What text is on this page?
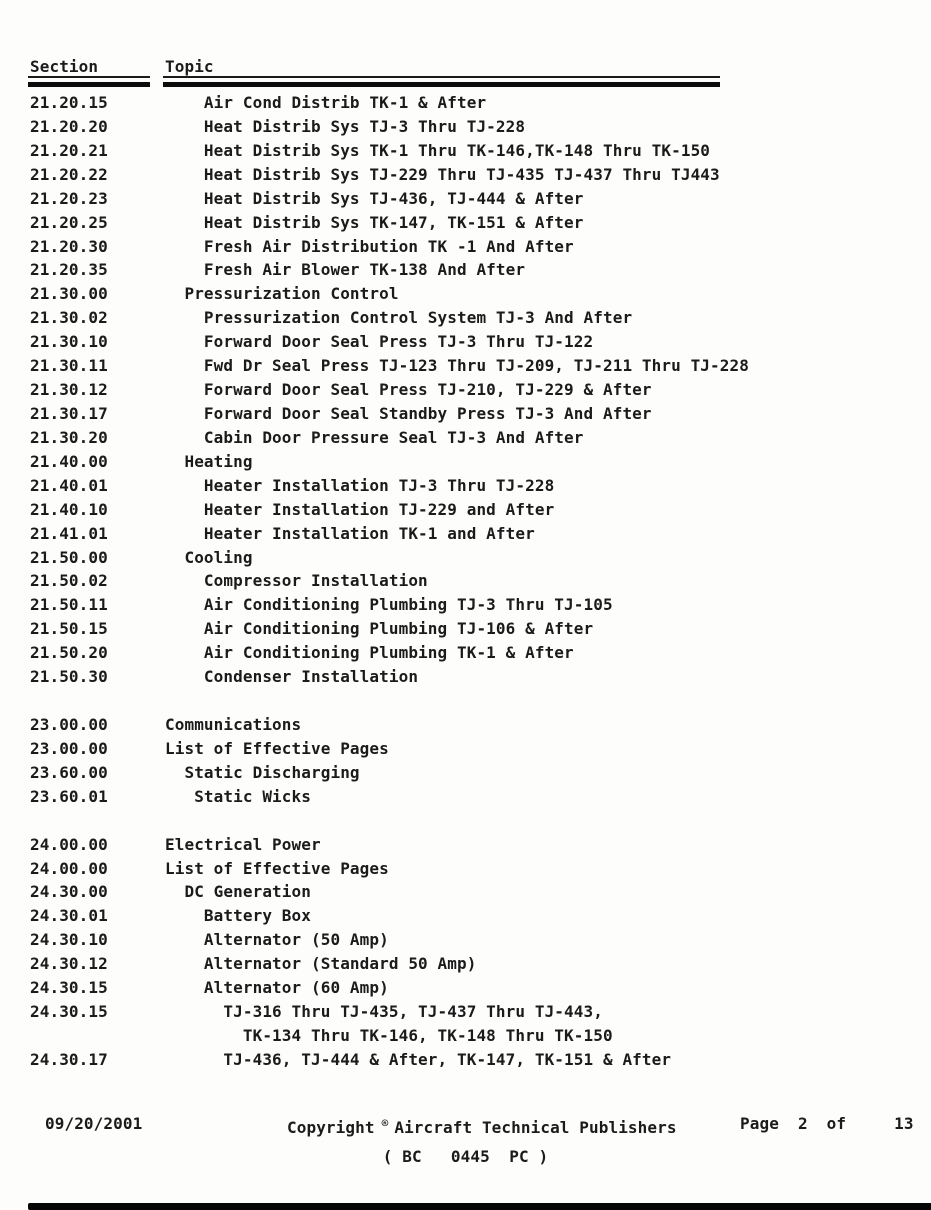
Section	Topic
21.20.15	Air Cond Distrib TK-1 & After
21.20.20	Heat Distrib Sys TJ-3 Thru TJ-228
21.20.21	Heat Distrib Sys TK-1 Thru TK-146,TK-148 Thru TK-150
21.20.22	Heat Distrib Sys TJ-229 Thru TJ-435 TJ-437 Thru TJ443
21.20.23	Heat Distrib Sys TJ-436, TJ-444 & After
21.20.25	Heat Distrib Sys TK-147, TK-151 & After
21.20.30	Fresh Air Distribution TK -1 And After
21.20.35	Fresh Air Blower TK-138 And After
21.30.00	Pressurization Control
21.30.02	Pressurization Control System TJ-3 And After
21.30.10	Forward Door Seal Press TJ-3 Thru TJ-122
21.30.11	Fwd Dr Seal Press TJ-123 Thru TJ-209, TJ-211 Thru TJ-228
21.30.12	Forward Door Seal Press TJ-210, TJ-229 & After
21.30.17	Forward Door Seal Standby Press TJ-3 And After
21.30.20	Cabin Door Pressure Seal TJ-3 And After
21.40.00	Heating
21.40.01	Heater Installation TJ-3 Thru TJ-228
21.40.10	Heater Installation TJ-229 and After
21.41.01	Heater Installation TK-1 and After
21.50.00	Cooling
21.50.02	Compressor Installation
21.50.11	Air Conditioning Plumbing TJ-3 Thru TJ-105
21.50.15	Air Conditioning Plumbing TJ-106 & After
21.50.20	Air Conditioning Plumbing TK-1 & After
21.50.30	Condenser Installation
23.00.00	Communications
23.00.00	List of Effective Pages
23.60.00	Static Discharging
23.60.01	Static Wicks
24.00.00	Electrical Power
24.00.00	List of Effective Pages
24.30.00	DC Generation
24.30.01	Battery Box
24.30.10	Alternator (50 Amp)
24.30.12	Alternator (Standard 50 Amp)
24.30.15	Alternator (60 Amp)
24.30.15	TJ-316 Thru TJ-435, TJ-437 Thru TJ-443,
TK-134 Thru TK-146, TK-148 Thru TK-150
24.30.17	TJ-436, TJ-444 & After, TK-147, TK-151 & After
09/20/2001	Copyright ® Aircraft Technical Publishers	Page 2 of	13
( BC   0445  PC )
